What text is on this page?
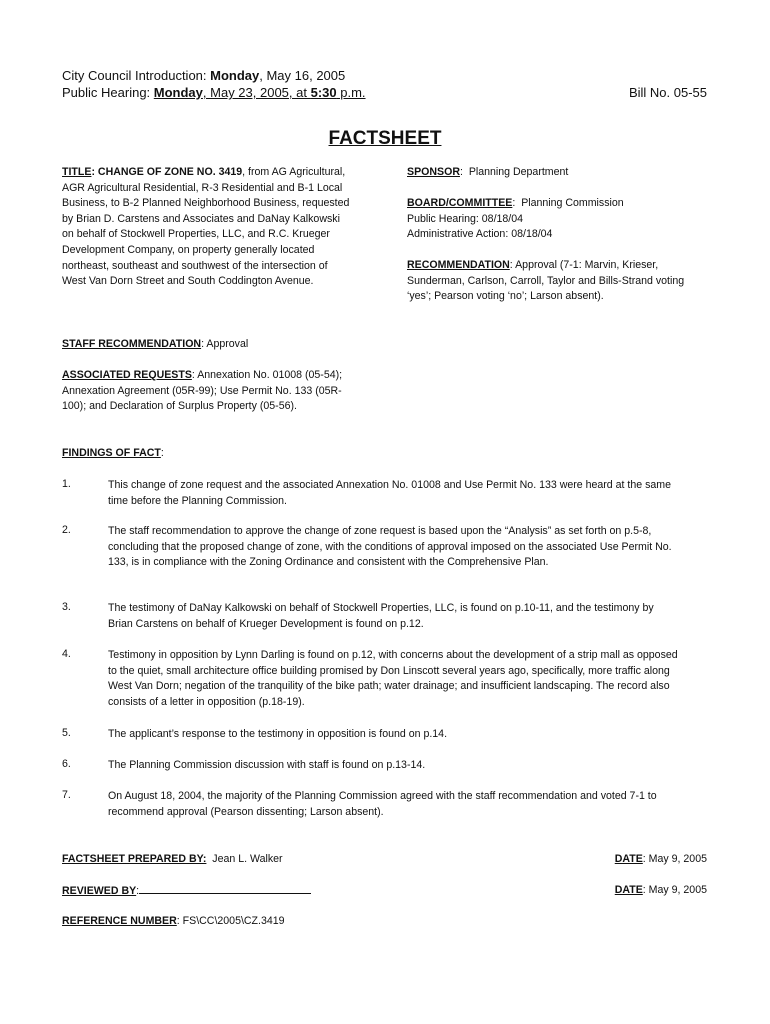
City Council Introduction: Monday, May 16, 2005
Public Hearing: Monday, May 23, 2005, at 5:30 p.m.	Bill No. 05-55
FACTSHEET
TITLE: CHANGE OF ZONE NO. 3419, from AG Agricultural, AGR Agricultural Residential, R-3 Residential and B-1 Local Business, to B-2 Planned Neighborhood Business, requested by Brian D. Carstens and Associates and DaNay Kalkowski on behalf of Stockwell Properties, LLC, and R.C. Krueger Development Company, on property generally located northeast, southeast and southwest of the intersection of West Van Dorn Street and South Coddington Avenue.
SPONSOR:  Planning Department
BOARD/COMMITTEE:  Planning Commission
Public Hearing: 08/18/04
Administrative Action: 08/18/04
RECOMMENDATION: Approval (7-1: Marvin, Krieser, Sunderman, Carlson, Carroll, Taylor and Bills-Strand voting ‘yes’; Pearson voting ‘no’; Larson absent).
STAFF RECOMMENDATION: Approval
ASSOCIATED REQUESTS: Annexation No. 01008 (05-54); Annexation Agreement (05R-99); Use Permit No. 133 (05R-100); and Declaration of Surplus Property (05-56).
FINDINGS OF FACT:
1.	This change of zone request and the associated Annexation No. 01008 and Use Permit No. 133 were heard at the same time before the Planning Commission.
2.	The staff recommendation to approve the change of zone request is based upon the “Analysis” as set forth on p.5-8, concluding that the proposed change of zone, with the conditions of approval imposed on the associated Use Permit No. 133, is in compliance with the Zoning Ordinance and consistent with the Comprehensive Plan.
3.	The testimony of DaNay Kalkowski on behalf of Stockwell Properties, LLC, is found on p.10-11, and the testimony by Brian Carstens on behalf of Krueger Development is found on p.12.
4.	Testimony in opposition by Lynn Darling is found on p.12, with concerns about the development of a strip mall as opposed to the quiet, small architecture office building promised by Don Linscott several years ago, specifically, more traffic along West Van Dorn; negation of the tranquility of the bike path; water drainage; and insufficient landscaping. The record also consists of a letter in opposition (p.18-19).
5.	The applicant’s response to the testimony in opposition is found on p.14.
6.	The Planning Commission discussion with staff is found on p.13-14.
7.	On August 18, 2004, the majority of the Planning Commission agreed with the staff recommendation and voted 7-1 to recommend approval (Pearson dissenting; Larson absent).
FACTSHEET PREPARED BY: Jean L. Walker	DATE: May 9, 2005
REVIEWED BY:	DATE: May 9, 2005
REFERENCE NUMBER: FS\CC\2005\CZ.3419
